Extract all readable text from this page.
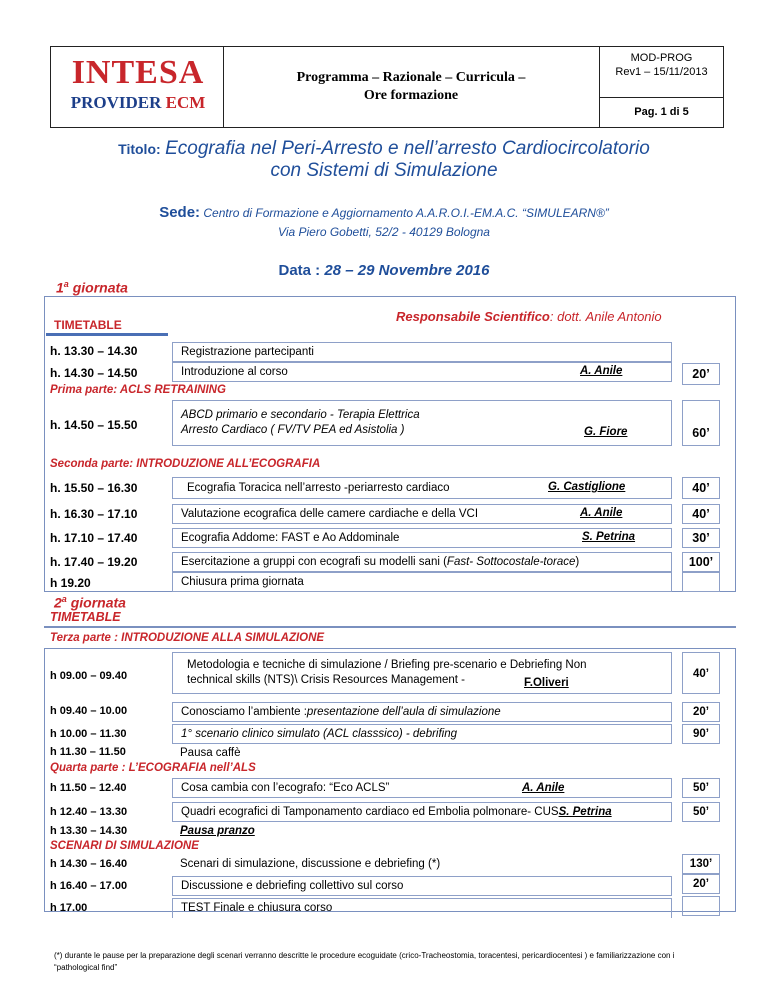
INTESA
PROVIDER ECM
Programma – Razionale – Curricula –
Ore formazione
MOD-PROG
Rev1 – 15/11/2013
Pag. 1 di 5
Titolo: Ecografia nel Peri-Arresto e nell’arresto Cardiocircolatorio
con Sistemi di Simulazione
Sede: Centro di Formazione e Aggiornamento A.A.R.O.I.-EM.A.C. “SIMULEARN®”
Via Piero Gobetti, 52/2 - 40129 Bologna
Data : 28 – 29 Novembre 2016
1$^a$ giornata
TIMETABLE
Responsabile Scientifico: dott. Anile Antonio
h. 13.30 – 14.30	Registrazione partecipanti
h. 14.30 – 14.50	Introduzione al corso	A. Anile	20’
Prima parte: ACLS RETRAINING
h. 14.50 – 15.50
ABCD primario e secondario - Terapia Elettrica
Arresto Cardiaco ( FV/TV PEA ed Asistolia )	G. Fiore	60’
Seconda parte: INTRODUZIONE ALL’ECOGRAFIA
h. 15.50 – 16.30	Ecografia Toracica nell’arresto -periarresto cardiaco	G. Castiglione	40’
h. 16.30 – 17.10	Valutazione ecografica delle camere cardiache e della VCI	A. Anile	40’
h. 17.10 – 17.40	Ecografia Addome: FAST e Ao Addominale	S. Petrina	30’
h. 17.40 – 19.20	Esercitazione a gruppi con ecografi su modelli sani ( Fast- Sottocostale-torace )	100’
h 19.20	Chiusura prima giornata
2$^a$ giornata
TIMETABLE
Terza parte : INTRODUZIONE ALLA SIMULAZIONE
h 09.00 – 09.40
Metodologia e tecniche di simulazione / Briefing pre-scenario e Debriefing Non
technical skills (NTS)\ Crisis Resources Management -	F.Oliveri
40’
h 09.40 – 10.00	Conosciamo l’ambiente : presentazione dell’aula di simulazione	20’
h 10.00 – 11.30	1° scenario clinico simulato (ACL classsico) - debrifing	90’
h 11.30 – 11.50	Pausa caffè
Quarta parte : L’ECOGRAFIA nell’ALS
h 11.50 – 12.40	Cosa cambia con l’ecografo: “Eco ACLS”	A. Anile	50’
h 12.40 – 13.30	Quadri ecografici di Tamponamento cardiaco ed Embolia polmonare- CUS S. Petrina	50’
h 13.30 – 14.30	Pausa pranzo
SCENARI DI SIMULAZIONE
h 14.30 – 16.40	Scenari di simulazione, discussione e debriefing (*)	130’
h 16.40 – 17.00	Discussione e debriefing collettivo sul corso	20’
h 17.00	TEST Finale e chiusura corso
(*) durante le pause per la preparazione degli scenari verranno descritte le procedure ecoguidate (crico-Tracheostomia, toracentesi, pericardiocentesi ) e familiarizzazione con i “pathological find”
